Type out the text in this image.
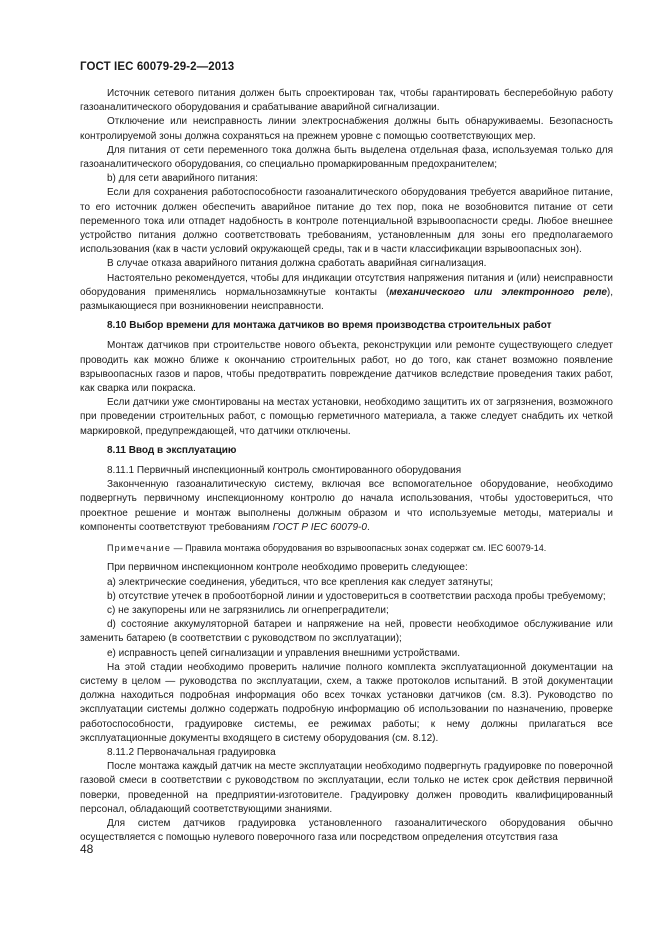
ГОСТ IEC 60079-29-2—2013

Источник сетевого питания должен быть спроектирован так, чтобы гарантировать бесперебойную работу газоаналитического оборудования и срабатывание аварийной сигнализации.

Отключение или неисправность линии электроснабжения должны быть обнаруживаемы. Безопасность контролируемой зоны должна сохраняться на прежнем уровне с помощью соответствующих мер.

Для питания от сети переменного тока должна быть выделена отдельная фаза, используемая только для газоаналитического оборудования, со специально промаркированным предохранителем;

b) для сети аварийного питания:

Если для сохранения работоспособности газоаналитического оборудования требуется аварийное питание, то его источник должен обеспечить аварийное питание до тех пор, пока не возобновится питание от сети переменного тока или отпадет надобность в контроле потенциальной взрывоопасности среды. Любое внешнее устройство питания должно соответствовать требованиям, установленным для зоны его предполагаемого использования (как в части условий окружающей среды, так и в части классификации взрывоопасных зон).

В случае отказа аварийного питания должна сработать аварийная сигнализация.

Настоятельно рекомендуется, чтобы для индикации отсутствия напряжения питания и (или) неисправности оборудования применялись нормальнозамкнутые контакты (механического или электронного реле), размыкающиеся при возникновении неисправности.

8.10 Выбор времени для монтажа датчиков во время производства строительных работ

Монтаж датчиков при строительстве нового объекта, реконструкции или ремонте существующего следует проводить как можно ближе к окончанию строительных работ, но до того, как станет возможно появление взрывоопасных газов и паров, чтобы предотвратить повреждение датчиков вследствие проведения таких работ, как сварка или покраска.

Если датчики уже смонтированы на местах установки, необходимо защитить их от загрязнения, возможного при проведении строительных работ, с помощью герметичного материала, а также следует снабдить их четкой маркировкой, предупреждающей, что датчики отключены.

8.11 Ввод в эксплуатацию

8.11.1 Первичный инспекционный контроль смонтированного оборудования

Законченную газоаналитическую систему, включая все вспомогательное оборудование, необходимо подвергнуть первичному инспекционному контролю до начала использования, чтобы удостовериться, что проектное решение и монтаж выполнены должным образом и что используемые методы, материалы и компоненты соответствуют требованиям ГОСТ Р IEC 60079-0.

Примечание — Правила монтажа оборудования во взрывоопасных зонах содержат см. IEC 60079-14.

При первичном инспекционном контроле необходимо проверить следующее:

a) электрические соединения, убедиться, что все крепления как следует затянуты;

b) отсутствие утечек в пробоотборной линии и удостовериться в соответствии расхода пробы требуемому;

c) не закупорены или не загрязнились ли огнепреградители;

d) состояние аккумуляторной батареи и напряжение на ней, провести необходимое обслуживание или заменить батарею (в соответствии с руководством по эксплуатации);

e) исправность цепей сигнализации и управления внешними устройствами.

На этой стадии необходимо проверить наличие полного комплекта эксплуатационной документации на систему в целом — руководства по эксплуатации, схем, а также протоколов испытаний. В этой документации должна находиться подробная информация обо всех точках установки датчиков (см. 8.3). Руководство по эксплуатации системы должно содержать подробную информацию об использовании по назначению, проверке работоспособности, градуировке системы, ее режимах работы; к нему должны прилагаться все эксплуатационные документы входящего в систему оборудования (см. 8.12).

8.11.2 Первоначальная градуировка

После монтажа каждый датчик на месте эксплуатации необходимо подвергнуть градуировке по поверочной газовой смеси в соответствии с руководством по эксплуатации, если только не истек срок действия первичной поверки, проведенной на предприятии-изготовителе. Градуировку должен проводить квалифицированный персонал, обладающий соответствующими знаниями.

Для систем датчиков градуировка установленного газоаналитического оборудования обычно осуществляется с помощью нулевого поверочного газа или посредством определения отсутствия газа

48
